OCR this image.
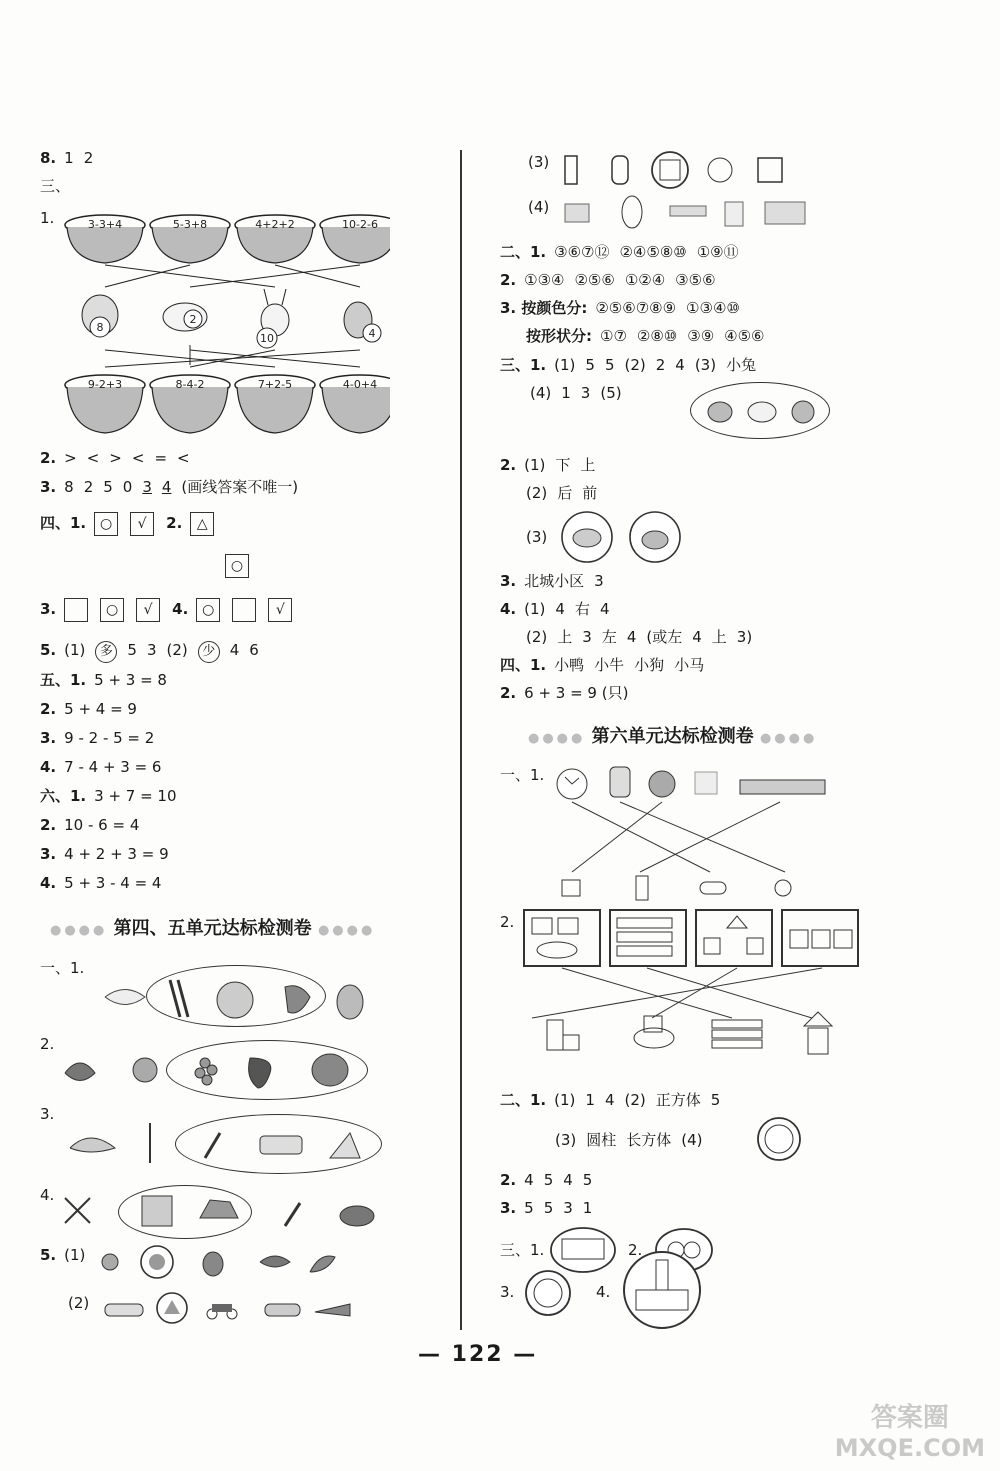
8. 1 2
三、
1.	3-3+4	5-3+8	4+2+2	10-2-6
8
2
10	4
9-2+3	8-4-2	7+2-5	4-0+4
2. > < > < = <
3. 8 2 5 0 3 4 (画线答案不唯一)
四、1. ○ √ 2. △
○
3.	○ √ 4. ○	√
5. (1) 多 5 3 (2) 少 4 6
五、1. 5 + 3 = 8
2. 5 + 4 = 9
3. 9 - 2 - 5 = 2
4. 7 - 4 + 3 = 6
六、1. 3 + 7 = 10
2. 10 - 6 = 4
3. 4 + 2 + 3 = 9
4. 5 + 3 - 4 = 4
●●●● 第四、五单元达标检测卷 ●●●●
一、1.
2.
3.
4.
5. (1)
(2)
(3)
(4)
二、1. ③⑥⑦⑫ ②④⑤⑧⑩ ①⑨⑪
2. ①③④ ②⑤⑥ ①②④ ③⑤⑥
3. 按颜色分: ②⑤⑥⑦⑧⑨ ①③④⑩
按形状分: ①⑦ ②⑧⑩ ③⑨ ④⑤⑥
三、1. (1) 5 5 (2) 2 4 (3) 小兔
(4) 1 3 (5)
2. (1) 下 上
(2) 后 前
(3)
3. 北城小区 3
4. (1) 4 右 4
(2) 上 3 左 4 (或左 4 上 3)
四、1. 小鸭 小牛 小狗 小马
2. 6 + 3 = 9 (只)
●●●● 第六单元达标检测卷 ●●●●
一、1.
2.
二、1. (1) 1 4 (2) 正方体 5
(3) 圆柱 长方体 (4)
2. 4 5 4 5
3. 5 5 3 1
三、1.	2.
3.	4.
— 122 —
答案圈
MXQE.COM
